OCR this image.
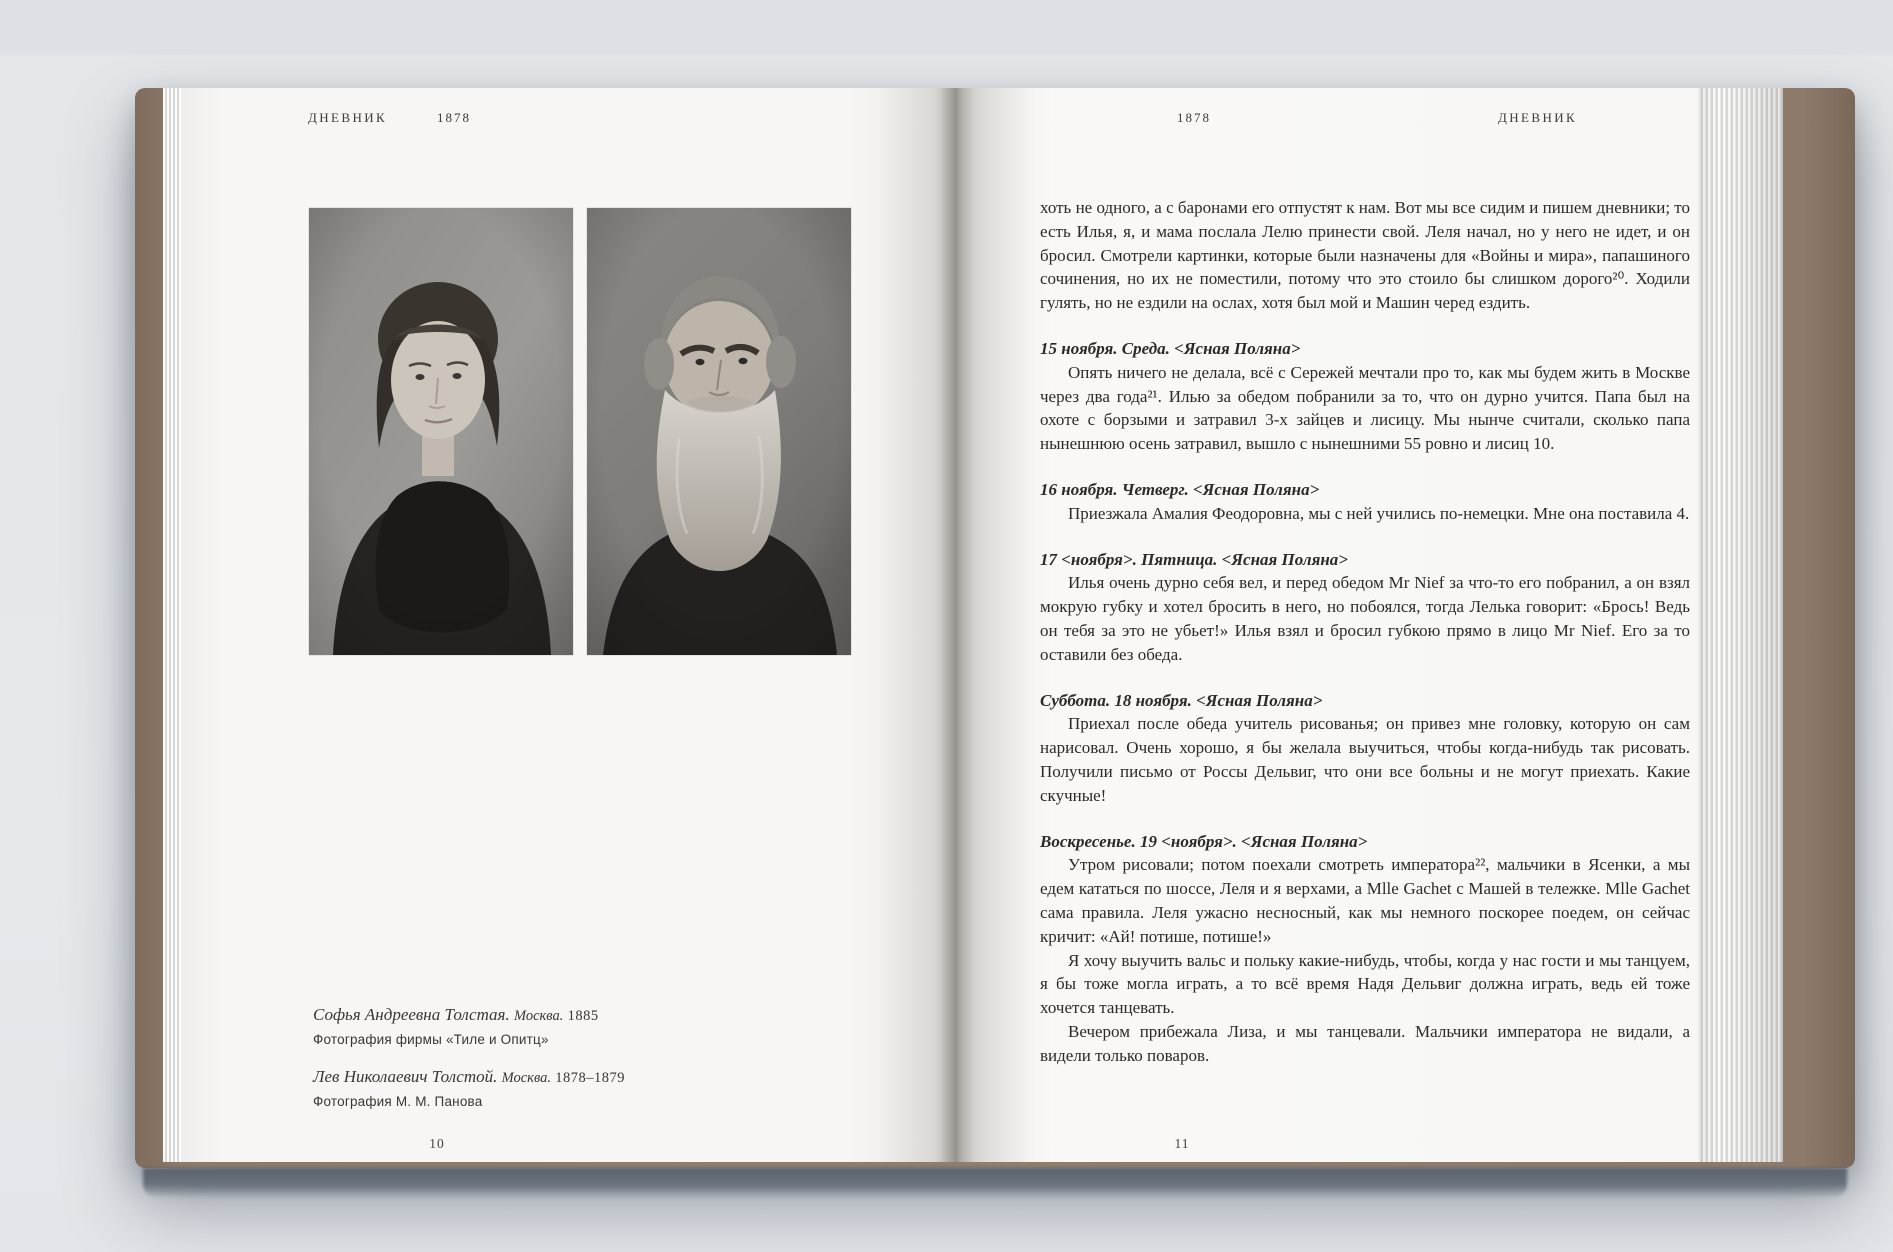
ДНЕВНИК	1878
Софья Андреевна Толстая. Москва. 1885
Фотография фирмы «Тиле и Опитц»
Лев Николаевич Толстой. Москва. 1878–1879
Фотография М. М. Панова
10
1878	ДНЕВНИК

хоть не одного, а с баронами его отпустят к нам. Вот мы все сидим и пишем дневники; то есть Илья, я, и мама послала Лелю принести свой. Леля начал, но у него не идет, и он бросил. Смотрели картинки, которые были назначены для «Войны и мира», папашиного сочинения, но их не поместили, потому что это стоило бы слишком дорого²⁰. Ходили гулять, но не ездили на ослах, хотя был мой и Машин черед ездить.

15 ноября. Среда. <Ясная Поляна>

Опять ничего не делала, всё с Сережей мечтали про то, как мы будем жить в Москве через два года²¹. Илью за обедом побранили за то, что он дурно учится. Папа был на охоте с борзыми и затравил 3-х зайцев и лисицу. Мы нынче считали, сколько папа нынешнюю осень затравил, вышло с нынешними 55 ровно и лисиц 10.

16 ноября. Четверг. <Ясная Поляна>

Приезжала Амалия Феодоровна, мы с ней учились по-немецки. Мне она поставила 4.

17 <ноября>. Пятница. <Ясная Поляна>

Илья очень дурно себя вел, и перед обедом Mr Nief за что-то его побранил, а он взял мокрую губку и хотел бросить в него, но побоялся, тогда Лелька говорит: «Брось! Ведь он тебя за это не убьет!» Илья взял и бросил губкою прямо в лицо Mr Nief. Его за то оставили без обеда.

Суббота. 18 ноября. <Ясная Поляна>

Приехал после обеда учитель рисованья; он привез мне головку, которую он сам нарисовал. Очень хорошо, я бы желала выучиться, чтобы когда-нибудь так рисовать. Получили письмо от Россы Дельвиг, что они все больны и не могут приехать. Какие скучные!

Воскресенье. 19 <ноября>. <Ясная Поляна>

Утром рисовали; потом поехали смотреть императора²², мальчики в Ясенки, а мы едем кататься по шоссе, Леля и я верхами, а Mlle Gachet с Машей в тележке. Mlle Gachet сама правила. Леля ужасно несносный, как мы немного поскорее поедем, он сейчас кричит: «Ай! потише, потише!»

Я хочу выучить вальс и польку какие-нибудь, чтобы, когда у нас гости и мы танцуем, я бы тоже могла играть, а то всё время Надя Дельвиг должна играть, ведь ей тоже хочется танцевать.

Вечером прибежала Лиза, и мы танцевали. Мальчики императора не видали, а видели только поваров.

11
